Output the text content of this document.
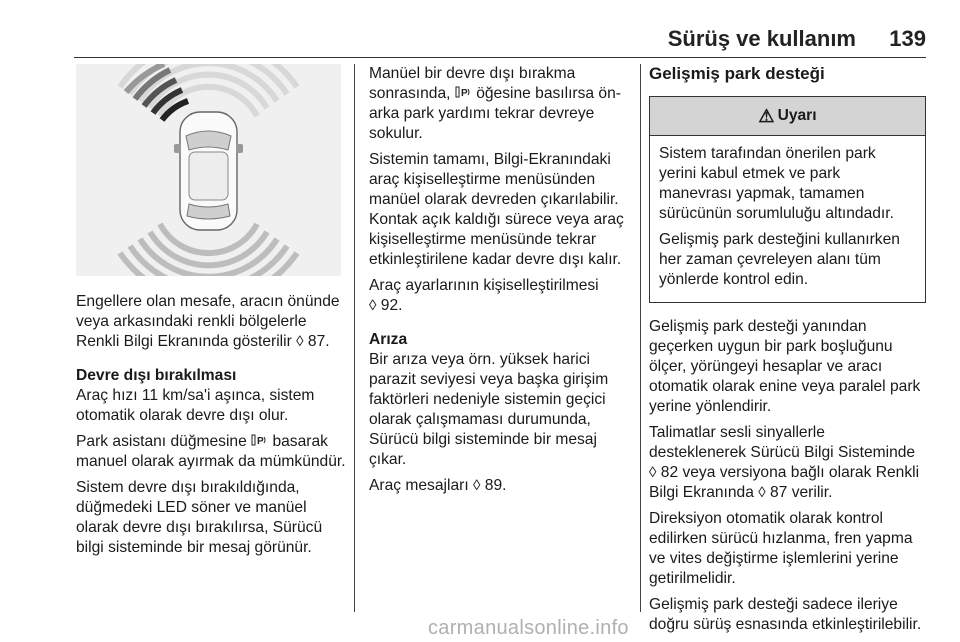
Sürüş ve kullanım 139

Engellere olan mesafe, aracın önünde veya arkasındaki renkli bölgelerle Renkli Bilgi Ekranında gösterilir ◊ 87.

Devre dışı bırakılması

Araç hızı 11 km/sa'i aşınca, sistem otomatik olarak devre dışı olur.

Park asistanı düğmesine P basarak manuel olarak ayırmak da mümkündür.

Sistem devre dışı bırakıldığında, düğmedeki LED söner ve manüel olarak devre dışı bırakılırsa, Sürücü bilgi sisteminde bir mesaj görünür.

Manüel bir devre dışı bırakma sonrasında, P öğesine basılırsa ön-arka park yardımı tekrar devreye sokulur.

Sistemin tamamı, Bilgi-Ekranındaki araç kişiselleştirme menüsünden manüel olarak devreden çıkarılabilir. Kontak açık kaldığı sürece veya araç kişiselleştirme menüsünde tekrar etkinleştirilene kadar devre dışı kalır.

Araç ayarlarının kişiselleştirilmesi
◊ 92.

Arıza

Bir arıza veya örn. yüksek harici parazit seviyesi veya başka girişim faktörleri nedeniyle sistemin geçici olarak çalışmaması durumunda, Sürücü bilgi sisteminde bir mesaj çıkar.

Araç mesajları ◊ 89.

Gelişmiş park desteği
⚠ Uyarı

Sistem tarafından önerilen park yerini kabul etmek ve park manevrası yapmak, tamamen sürücünün sorumluluğu altındadır.

Gelişmiş park desteğini kullanırken her zaman çevreleyen alanı tüm yönlerde kontrol edin.

Gelişmiş park desteği yanından geçerken uygun bir park boşluğunu ölçer, yörüngeyi hesaplar ve aracı otomatik olarak enine veya paralel park yerine yönlendirir.

Talimatlar sesli sinyallerle desteklenerek Sürücü Bilgi Sisteminde ◊ 82 veya versiyona bağlı olarak Renkli Bilgi Ekranında ◊ 87 verilir.

Direksiyon otomatik olarak kontrol edilirken sürücü hızlanma, fren yapma ve vites değiştirme işlemlerini yerine getirilmelidir.

Gelişmiş park desteği sadece ileriye doğru sürüş esnasında etkinleştirilebilir.

carmanualsonline.info
